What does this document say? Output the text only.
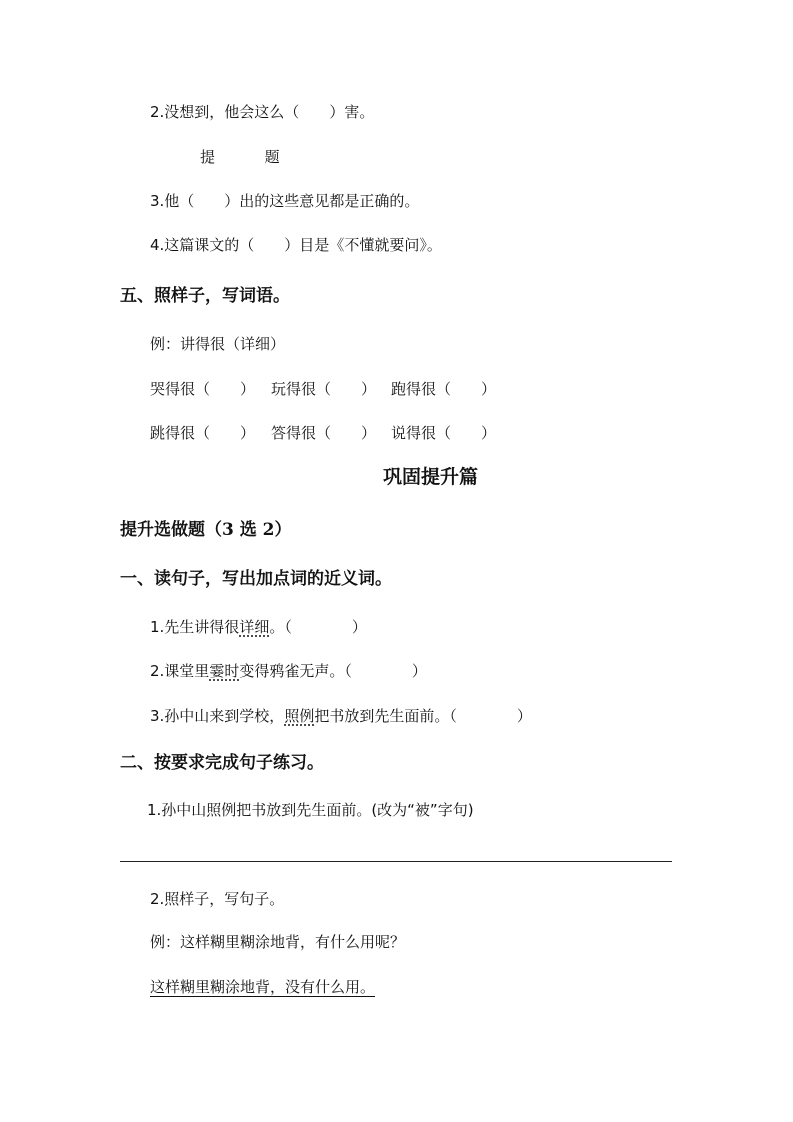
2.没想到，他会这么（　　）害。
提	题
3.他（　　）出的这些意见都是正确的。
4.这篇课文的（　　）目是《不懂就要问》。
五、照样子，写词语。
例：讲得很（详细）
哭得很（　　） 玩得很（　　） 跑得很（　　）
跳得很（　　） 答得很（　　） 说得很（　　）
巩固提升篇
提升选做题（3 选 2）
一、读句子，写出加点词的近义词。
1.先生讲得很详细。（　　　　）
2.课堂里霎时变得鸦雀无声。（　　　　）
3.孙中山来到学校，照例把书放到先生面前。（　　　　）
二、按要求完成句子练习。
1.孙中山照例把书放到先生面前。(改为“被”字句)
2.照样子，写句子。
例：这样糊里糊涂地背，有什么用呢？
这样糊里糊涂地背，没有什么用。
